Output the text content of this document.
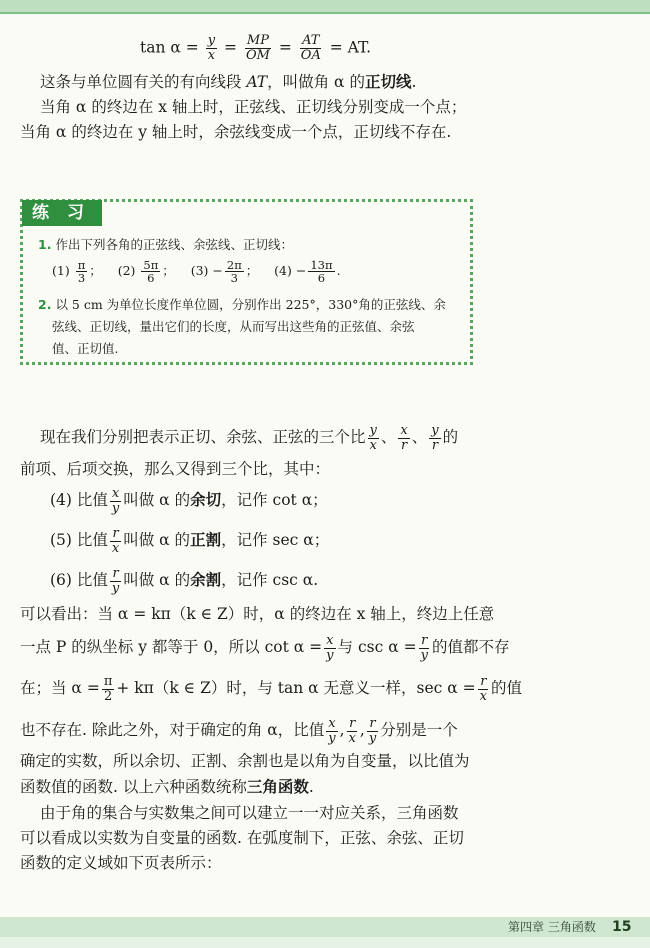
$\tan \alpha = \frac{y}{x} = \frac{MP}{OM} = \frac{AT}{OA}$ = AT.
这条与单位圆有关的有向线段 AT，叫做角 α 的正切线.
当角 α 的终边在 x 轴上时，正弦线、正切线分别变成一个点；
当角 α 的终边在 y 轴上时，余弦线变成一个点，正切线不存在.
练习
1. 作出下列各角的正弦线、余弦线、正切线：
$(1) \frac{\pi}{3}$ ； $(2) \frac{5\pi}{6}$ ； $(3) - \frac{2\pi}{3}$ ； $(4) - \frac{13\pi}{6}$ .
2. 以 5 cm 为单位长度作单位圆，分别作出 225°，330°角的正弦线、余
弦线、正切线，量出它们的长度，从而写出这些角的正弦值、余弦
值、正切值.
现在我们分别把表示正切、余弦、正弦的三个比 $\frac{y}{x}$ 、 $\frac{x}{r}$ 、 $\frac{y}{r}$ 的
前项、后项交换，那么又得到三个比，其中：
(4) 比值 $\frac{x}{y}$ 叫做 α 的余切，记作 cot α；
(5) 比值 $\frac{r}{x}$ 叫做 α 的正割，记作 sec α；
(6) 比值 $\frac{r}{y}$ 叫做 α 的余割，记作 csc α.
可以看出：当 α = kπ（k ∈ Z）时，α 的终边在 x 轴上，终边上任意
一点 P 的纵坐标 y 都等于 0，所以 $\cot \alpha = \frac{x}{y}$ 与 $\csc \alpha = \frac{r}{y}$ 的值都不存
在；当 $\alpha = \frac{\pi}{2} + k\pi(k$ ∈ Z）时，与 tan α 无意义一样，$\sec \alpha = \frac{r}{x}$ 的值
也不存在. 除此之外，对于确定的角 α，比值 $\frac{x}{y}$ , $\frac{r}{x}$ , $\frac{r}{y}$ 分别是一个
确定的实数，所以余切、正割、余割也是以角为自变量，以比值为
函数值的函数. 以上六种函数统称三角函数.
由于角的集合与实数集之间可以建立一一对应关系，三角函数
可以看成以实数为自变量的函数. 在弧度制下，正弦、余弦、正切
函数的定义域如下页表所示：
第四章 三角函数 15
